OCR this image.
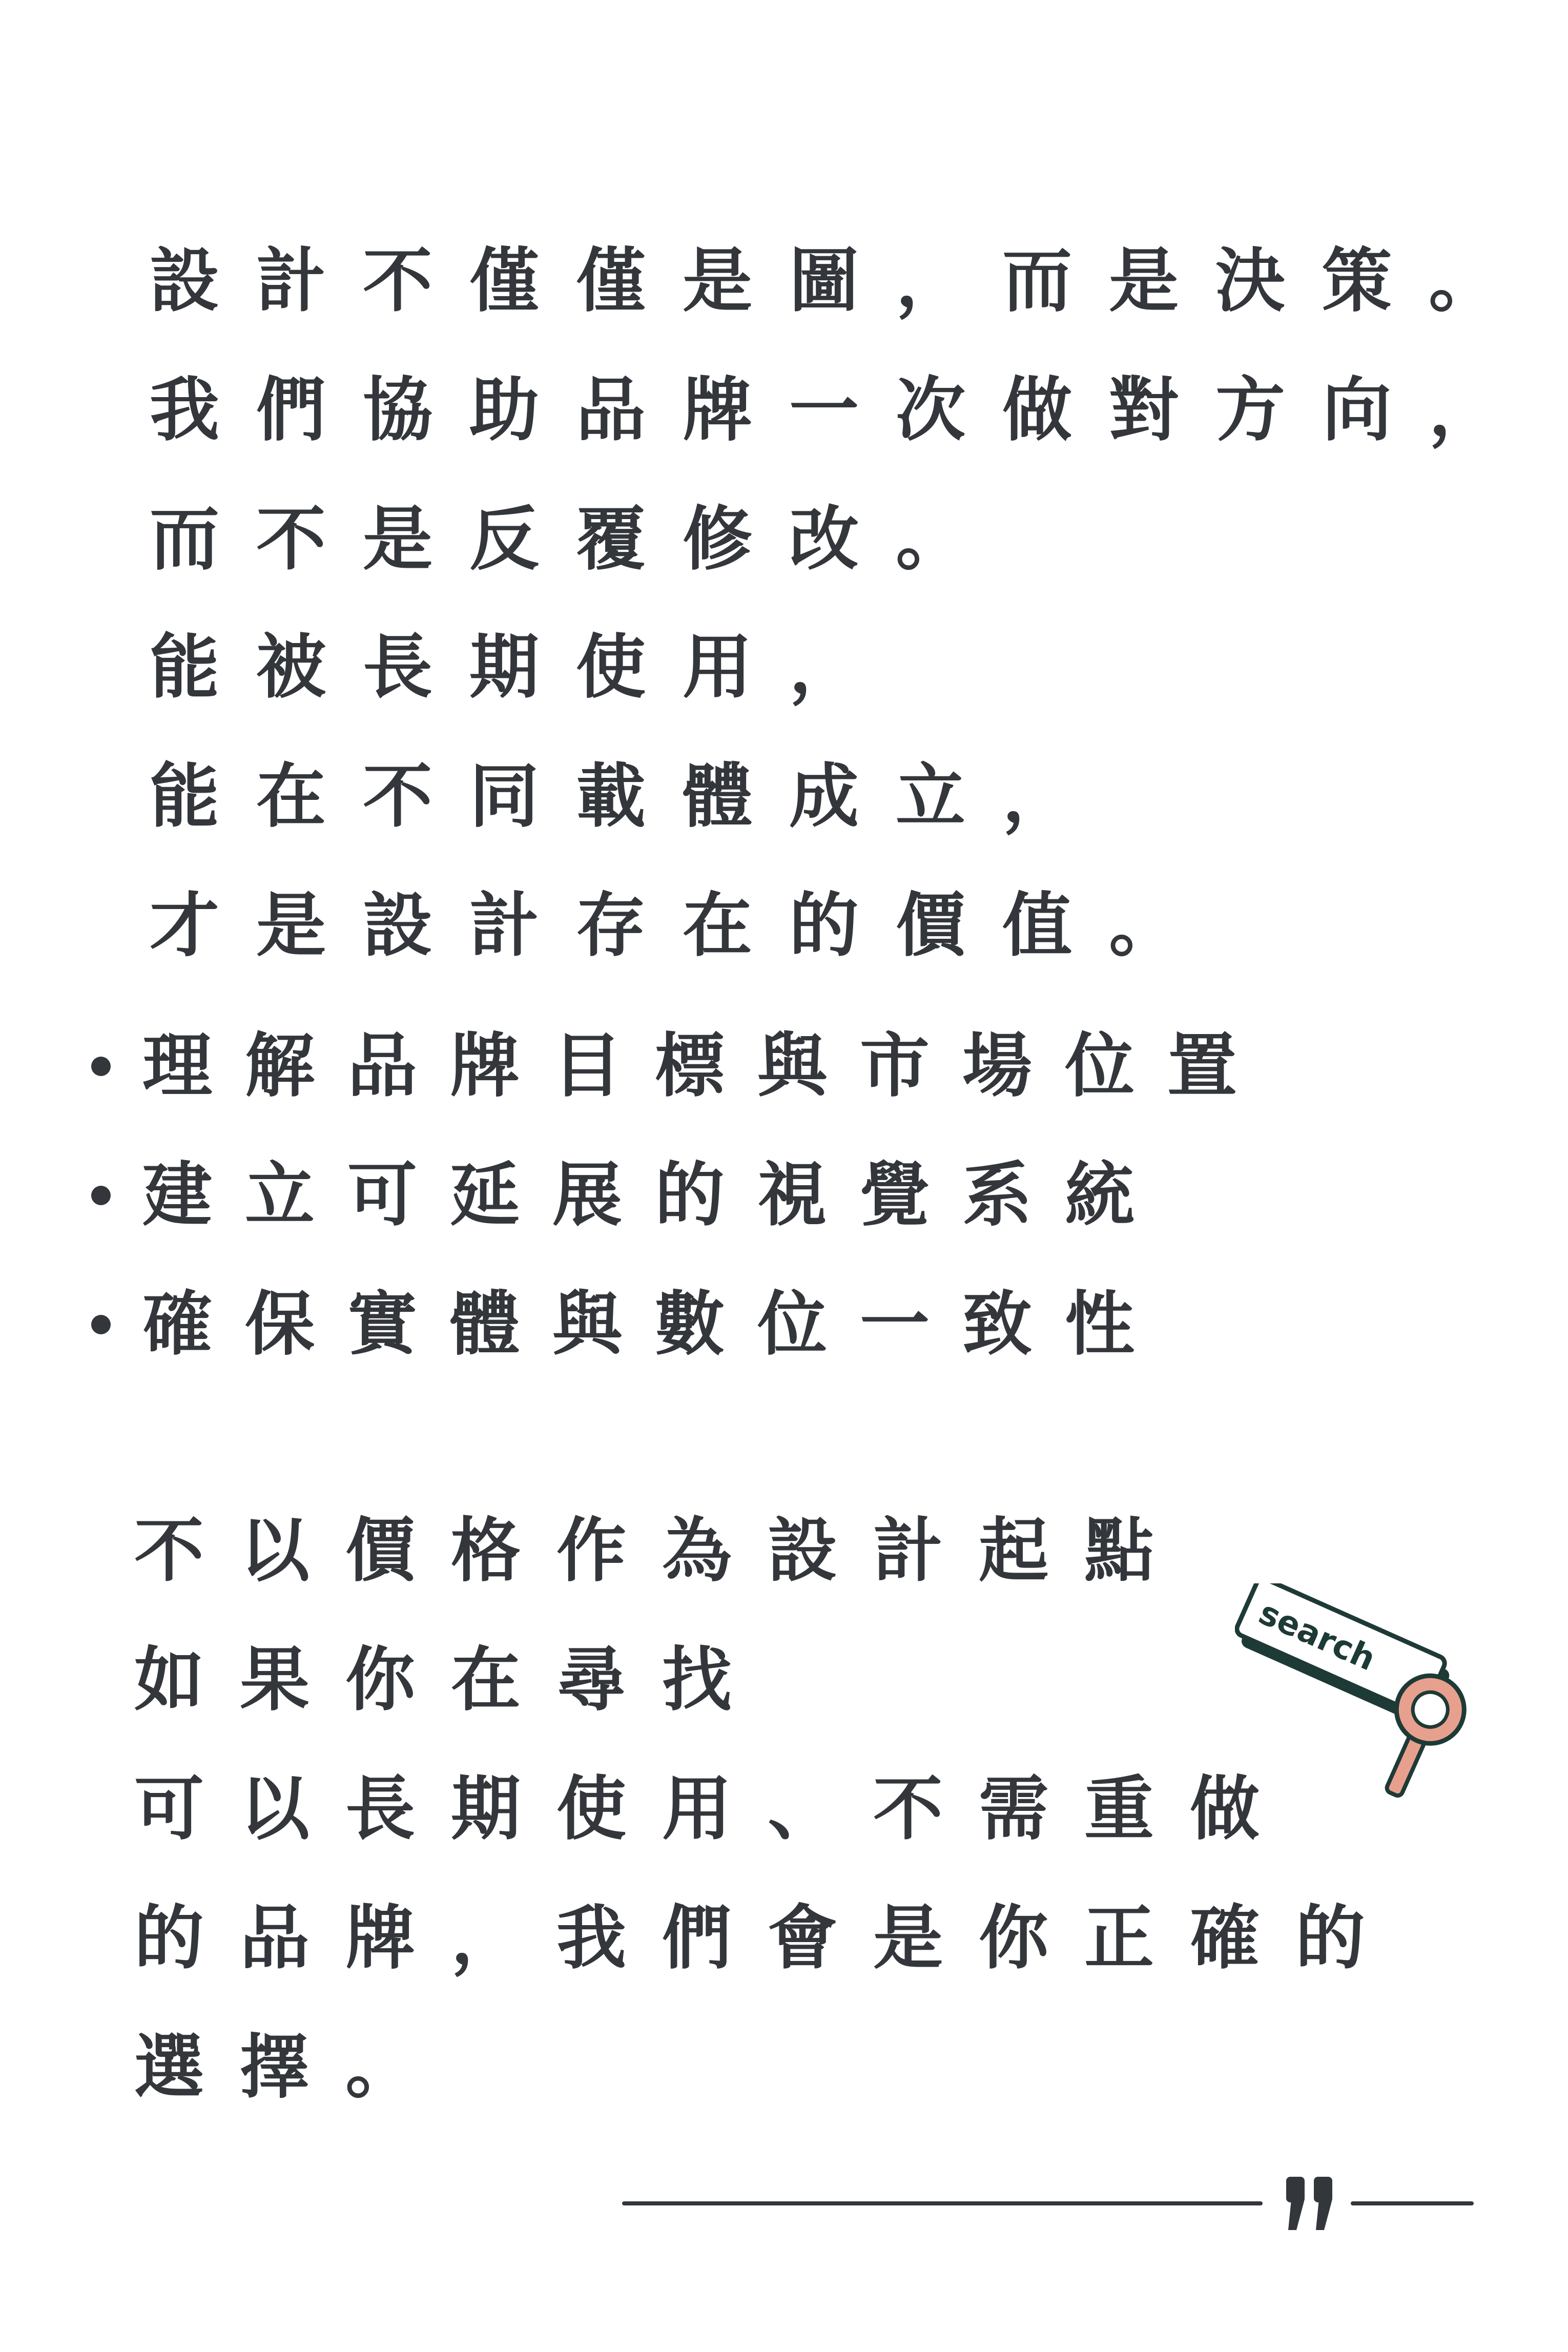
設計不僅僅是圖，而是決策。

我們協助品牌一次做對方向，

而不是反覆修改。

能被長期使用，

能在不同載體成立，

才是設計存在的價值。

理解品牌目標與市場位置

建立可延展的視覺系統

確保實體與數位一致性

不以價格作為設計起點

如果你在尋找

可以長期使用、不需重做

的品牌，我們會是你正確的

選擇。

search
